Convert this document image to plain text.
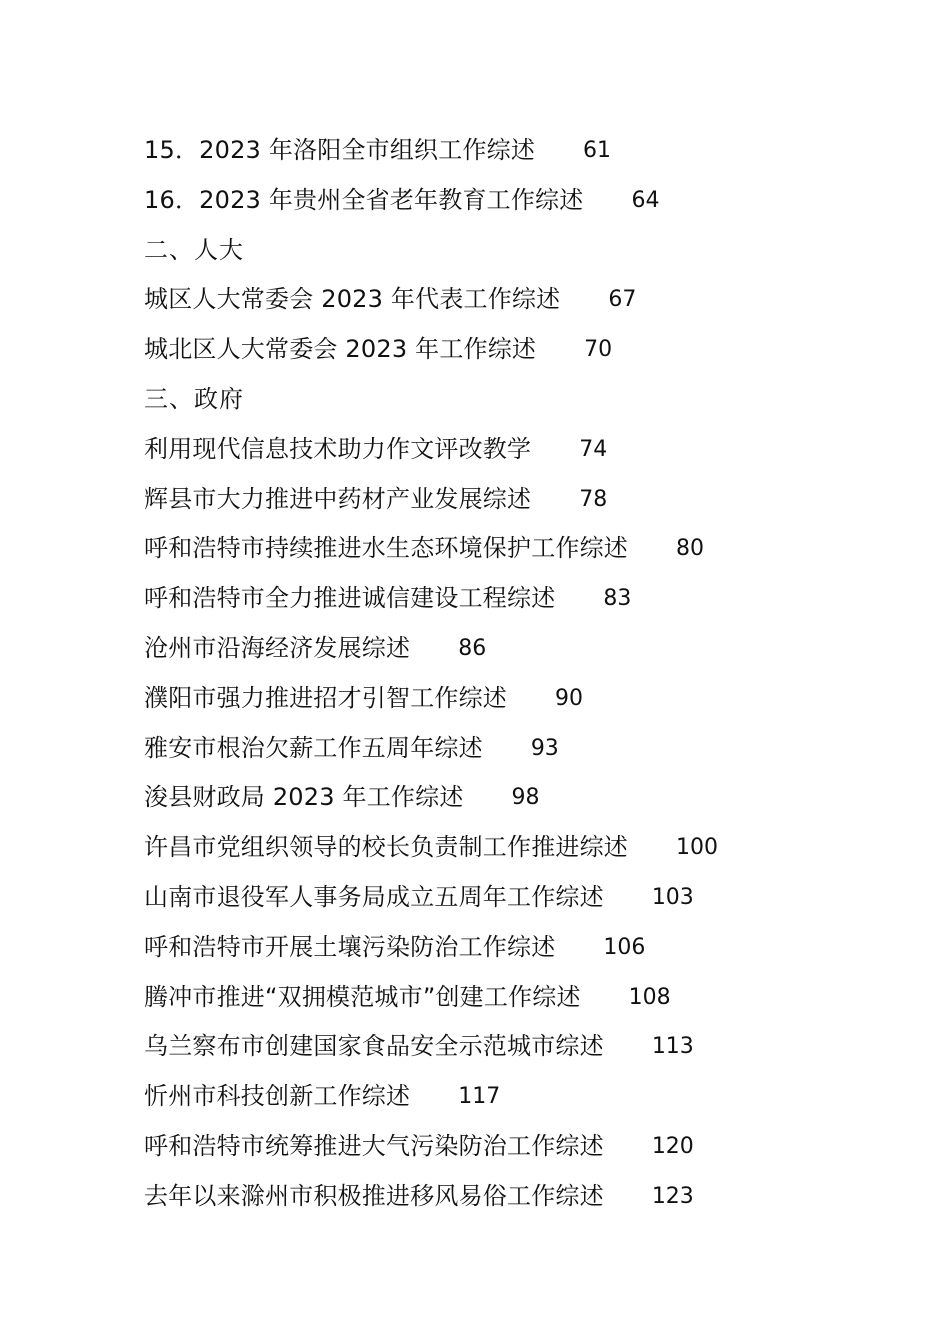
15．2023 年洛阳全市组织工作综述 61
16．2023 年贵州全省老年教育工作综述 64
二、人大
城区人大常委会 2023 年代表工作综述 67
城北区人大常委会 2023 年工作综述 70
三、政府
利用现代信息技术助力作文评改教学 74
辉县市大力推进中药材产业发展综述 78
呼和浩特市持续推进水生态环境保护工作综述 80
呼和浩特市全力推进诚信建设工程综述 83
沧州市沿海经济发展综述 86
濮阳市强力推进招才引智工作综述 90
雅安市根治欠薪工作五周年综述 93
浚县财政局 2023 年工作综述 98
许昌市党组织领导的校长负责制工作推进综述 100
山南市退役军人事务局成立五周年工作综述 103
呼和浩特市开展土壤污染防治工作综述 106
腾冲市推进“双拥模范城市”创建工作综述 108
乌兰察布市创建国家食品安全示范城市综述 113
忻州市科技创新工作综述 117
呼和浩特市统筹推进大气污染防治工作综述 120
去年以来滁州市积极推进移风易俗工作综述 123
